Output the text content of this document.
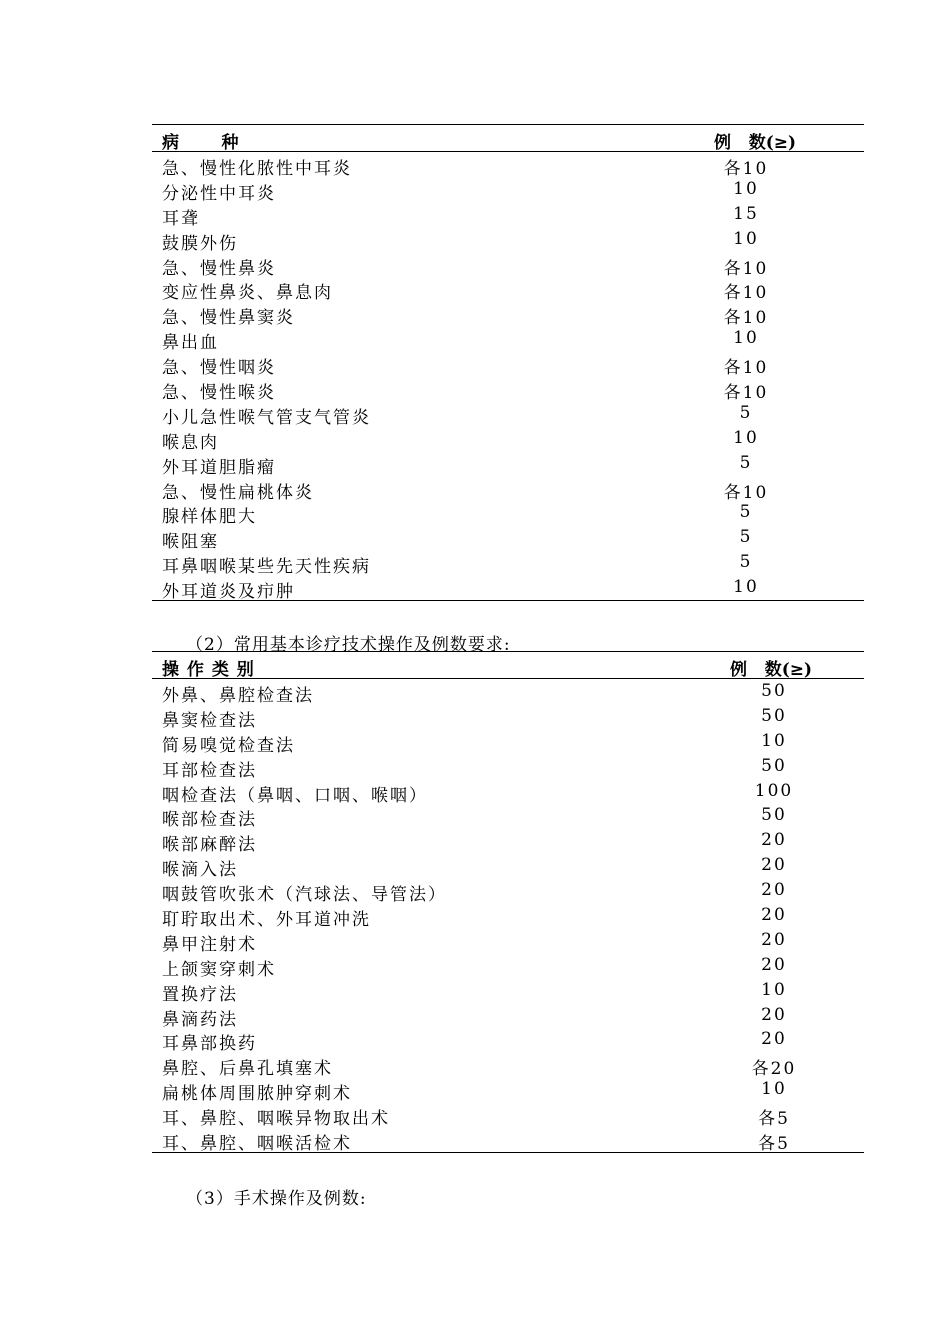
病      种	例   数(≥)
急、慢性化脓性中耳炎	各10
分泌性中耳炎	10
耳聋	15
鼓膜外伤	10
急、慢性鼻炎	各10
变应性鼻炎、鼻息肉	各10
急、慢性鼻窦炎	各10
鼻出血	10
急、慢性咽炎	各10
急、慢性喉炎	各10
小儿急性喉气管支气管炎	5
喉息肉	10
外耳道胆脂瘤	5
急、慢性扁桃体炎	各10
腺样体肥大	5
喉阻塞	5
耳鼻咽喉某些先天性疾病	5
外耳道炎及疖肿	10
（2）常用基本诊疗技术操作及例数要求:
操 作 类 别	例   数(≥)
外鼻、鼻腔检查法	50
鼻窦检查法	50
简易嗅觉检查法	10
耳部检查法	50
咽检查法（鼻咽、口咽、喉咽）	100
喉部检查法	50
喉部麻醉法	20
喉滴入法	20
咽鼓管吹张术（汽球法、导管法）	20
耵聍取出术、外耳道冲洗	20
鼻甲注射术	20
上颌窦穿刺术	20
置换疗法	10
鼻滴药法	20
耳鼻部换药	20
鼻腔、后鼻孔填塞术	各20
扁桃体周围脓肿穿刺术	10
耳、鼻腔、咽喉异物取出术	各5
耳、鼻腔、咽喉活检术	各5
（3）手术操作及例数:
